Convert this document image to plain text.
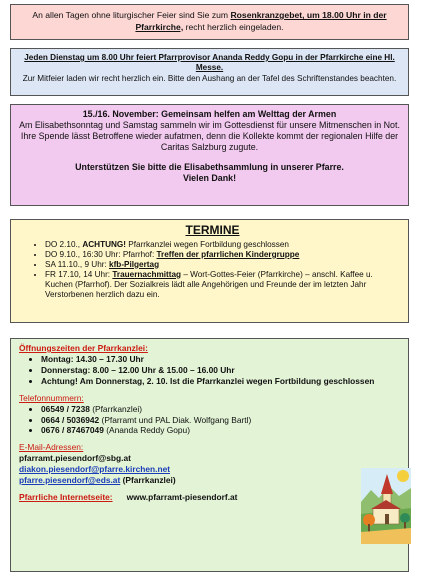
An allen Tagen ohne liturgischer Feier sind Sie zum Rosenkranzgebet, um 18.00 Uhr in der Pfarrkirche, recht herzlich eingeladen.
Jeden Dienstag um 8.00 Uhr feiert Pfarrprovisor Ananda Reddy Gopu in der Pfarrkirche eine Hl. Messe.
Zur Mitfeier laden wir recht herzlich ein. Bitte den Aushang an der Tafel des Schriftenstandes beachten.
15./16. November: Gemeinsam helfen am Welttag der Armen
Am Elisabethsonntag und Samstag sammeln wir im Gottesdienst für unsere Mitmenschen in Not. Ihre Spende lässt Betroffene wieder aufatmen, denn die Kollekte kommt der regionalen Hilfe der Caritas Salzburg zugute.
Unterstützen Sie bitte die Elisabethsammlung in unserer Pfarre.
Vielen Dank!
TERMINE
• DO 2.10., ACHTUNG! Pfarrkanzlei wegen Fortbildung geschlossen
• DO 9.10., 16:30 Uhr: Pfarrhof: Treffen der pfarrlichen Kindergruppe
• SA 11.10., 9 Uhr: kfb-Pilgertag
• FR 17.10, 14 Uhr: Trauernachmittag – Wort-Gottes-Feier (Pfarrkirche) – anschl. Kaffee u. Kuchen (Pfarrhof). Der Sozialkreis lädt alle Angehörigen und Freunde der im letzten Jahr Verstorbenen herzlich dazu ein.
Öffnungszeiten der Pfarrkanzlei:
• Montag: 14.30 – 17.30 Uhr
• Donnerstag: 8.00 – 12.00 Uhr & 15.00 – 16.00 Uhr
• Achtung! Am Donnerstag, 2. 10. Ist die Pfarrkanzlei wegen Fortbildung geschlossen
Telefonnummern:
• 06549 / 7238 (Pfarrkanzlei)
• 0664 / 5036942 (Pfarramt und PAL Diak. Wolfgang Bartl)
• 0676 / 87467049 (Ananda Reddy Gopu)
E-Mail-Adressen:
pfarramt.piesendorf@sbg.at
diakon.piesendorf@pfarre.kirchen.net
pfarre.piesendorf@eds.at (Pfarrkanzlei)
Pfarrliche Internetseite: www.pfarramt-piesendorf.at
